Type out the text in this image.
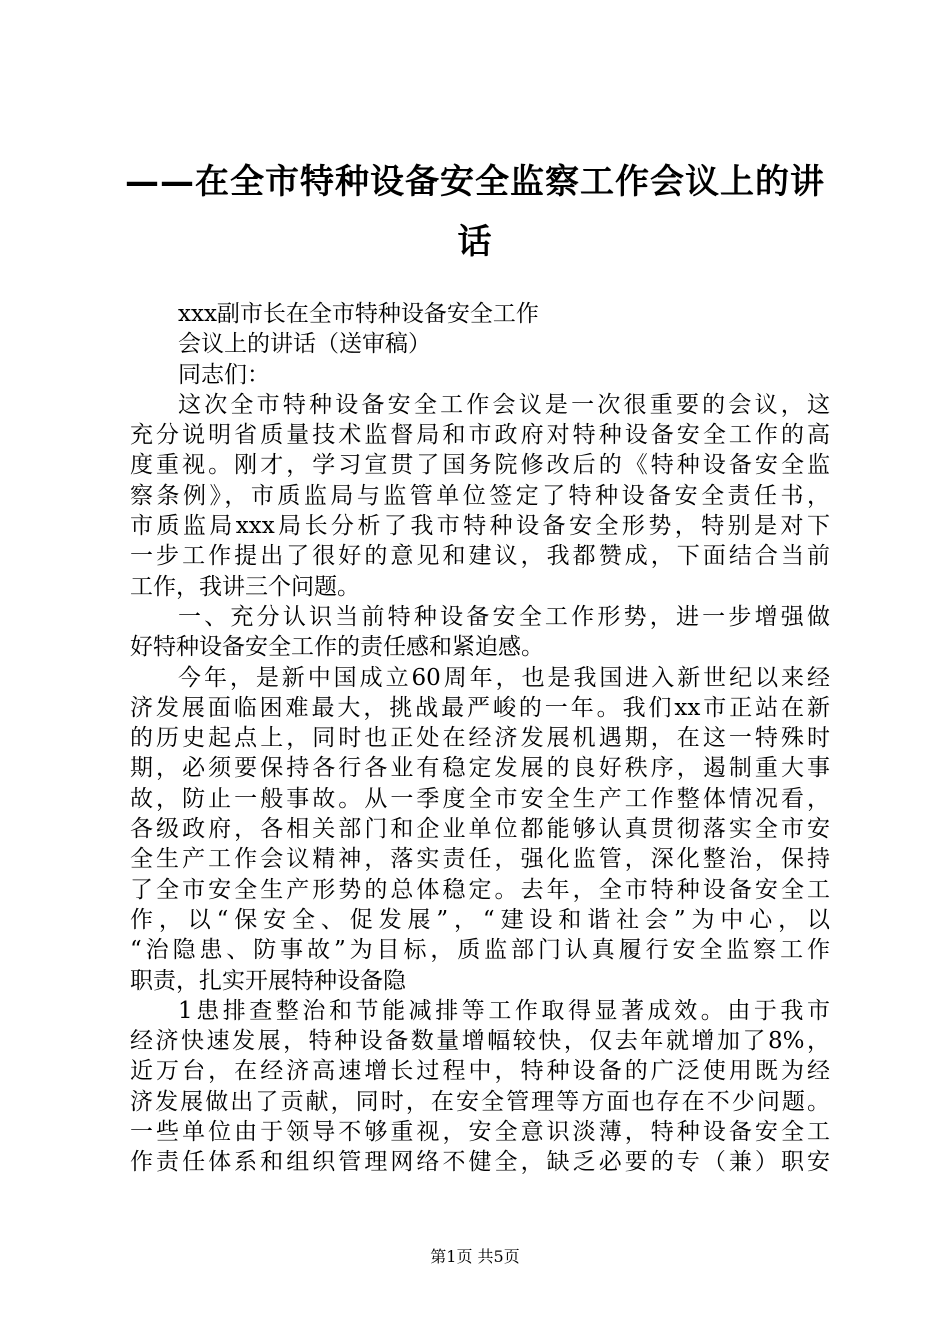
——在全市特种设备安全监察工作会议上的讲
话
xxx副市长在全市特种设备安全工作
会议上的讲话（送审稿）
同志们：
这次全市特种设备安全工作会议是一次很重要的会议，这
充分说明省质量技术监督局和市政府对特种设备安全工作的高
度重视。刚才，学习宣贯了国务院修改后的《特种设备安全监
察条例》，市质监局与监管单位签定了特种设备安全责任书，
市质监局xxx局长分析了我市特种设备安全形势，特别是对下
一步工作提出了很好的意见和建议，我都赞成，下面结合当前
工作，我讲三个问题。
一、充分认识当前特种设备安全工作形势，进一步增强做
好特种设备安全工作的责任感和紧迫感。
今年，是新中国成立60周年，也是我国进入新世纪以来经
济发展面临困难最大，挑战最严峻的一年。我们xx市正站在新
的历史起点上，同时也正处在经济发展机遇期，在这一特殊时
期，必须要保持各行各业有稳定发展的良好秩序，遏制重大事
故，防止一般事故。从一季度全市安全生产工作整体情况看，
各级政府，各相关部门和企业单位都能够认真贯彻落实全市安
全生产工作会议精神，落实责任，强化监管，深化整治，保持
了全市安全生产形势的总体稳定。去年，全市特种设备安全工
作，以“保安全、促发展”，“建设和谐社会”为中心，以
“治隐患、防事故”为目标，质监部门认真履行安全监察工作
职责，扎实开展特种设备隐
1患排查整治和节能减排等工作取得显著成效。由于我市
经济快速发展，特种设备数量增幅较快，仅去年就增加了8%，
近万台，在经济高速增长过程中，特种设备的广泛使用既为经
济发展做出了贡献，同时，在安全管理等方面也存在不少问题。
一些单位由于领导不够重视，安全意识淡薄，特种设备安全工
作责任体系和组织管理网络不健全，缺乏必要的专（兼）职安
第1页 共5页
